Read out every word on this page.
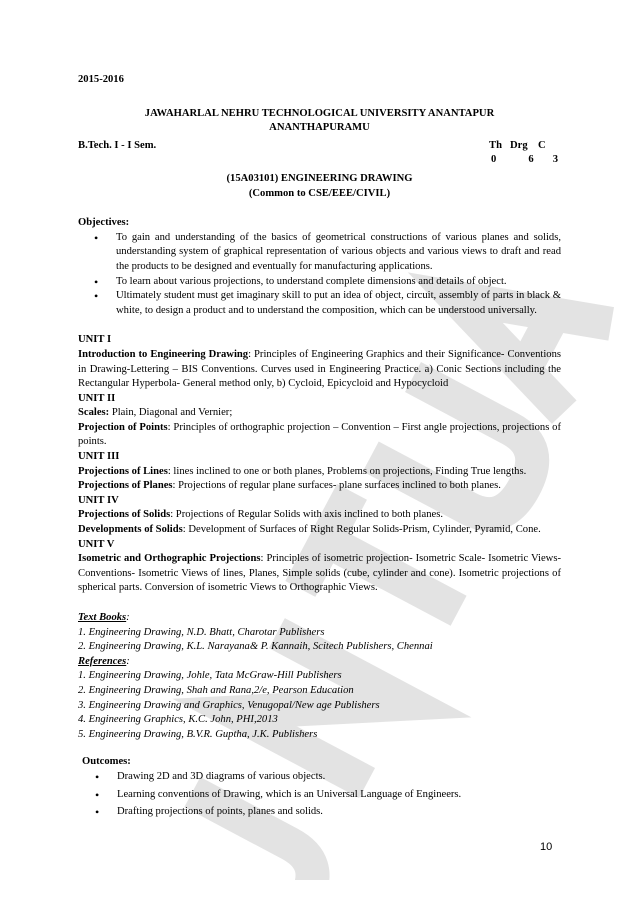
2015-2016
JAWAHARLAL NEHRU TECHNOLOGICAL UNIVERSITY ANANTAPUR
ANANTHAPURAMU
B.Tech. I - I Sem.	Th Drg C
0	6 3
(15A03101) ENGINEERING DRAWING
(Common to CSE/EEE/CIVIL)
Objectives:
• To gain and understanding of the basics of geometrical constructions of various planes and solids, understanding system of graphical representation of various objects and various views to draft and read the products to be designed and eventually for manufacturing applications.
• To learn about various projections, to understand complete dimensions and details of object.
• Ultimately student must get imaginary skill to put an idea of object, circuit, assembly of parts in black & white, to design a product and to understand the composition, which can be understood universally.
UNIT I

Introduction to Engineering Drawing: Principles of Engineering Graphics and their Significance- Conventions in Drawing-Lettering – BIS Conventions. Curves used in Engineering Practice. a) Conic Sections including the Rectangular Hyperbola- General method only, b) Cycloid, Epicycloid and Hypocycloid

UNIT II

Scales: Plain, Diagonal and Vernier;

Projection of Points: Principles of orthographic projection – Convention – First angle projections, projections of points.

UNIT III

Projections of Lines: lines inclined to one or both planes, Problems on projections, Finding True lengths.

Projections of Planes: Projections of regular plane surfaces- plane surfaces inclined to both planes.

UNIT IV

Projections of Solids: Projections of Regular Solids with axis inclined to both planes.

Developments of Solids: Development of Surfaces of Right Regular Solids-Prism, Cylinder, Pyramid, Cone.

UNIT V

Isometric and Orthographic Projections: Principles of isometric projection- Isometric Scale- Isometric Views- Conventions- Isometric Views of lines, Planes, Simple solids (cube, cylinder and cone). Isometric projections of spherical parts. Conversion of isometric Views to Orthographic Views.

Text Books:
1. Engineering Drawing, N.D. Bhatt, Charotar Publishers
2. Engineering Drawing, K.L. Narayana& P. Kannaih, Scitech Publishers, Chennai
References:
1. Engineering Drawing, Johle, Tata McGraw-Hill Publishers
2. Engineering Drawing, Shah and Rana,2/e, Pearson Education
3. Engineering Drawing and Graphics, Venugopal/New age Publishers
4. Engineering Graphics, K.C. John, PHI,2013
5. Engineering Drawing, B.V.R. Guptha, J.K. Publishers
Outcomes:
• Drawing 2D and 3D diagrams of various objects.
• Learning conventions of Drawing, which is an Universal Language of Engineers.
• Drafting projections of points, planes and solids.
10
